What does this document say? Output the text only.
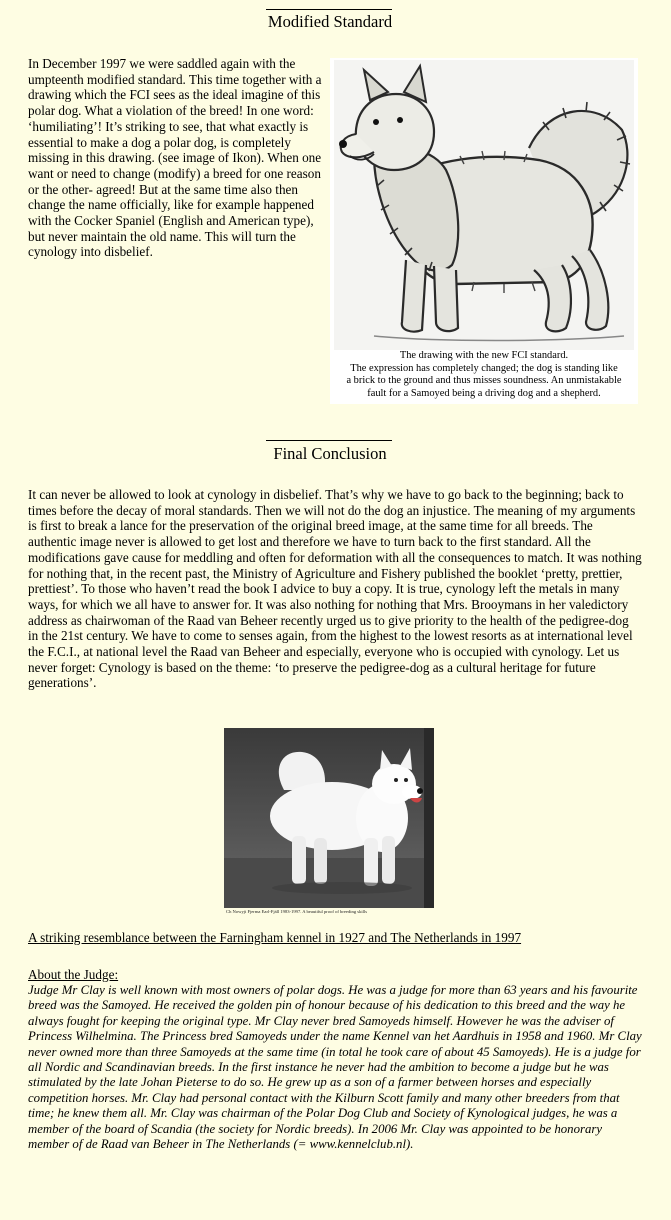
Modified Standard

In December 1997 we were saddled again with the umpteenth modified standard. This time together with a drawing which the FCI sees as the ideal imagine of this polar dog. What a violation of the breed! In one word: ‘humiliating’! It’s striking to see, that what exactly is essential to make a dog a polar dog, is completely missing in this drawing. (see image of Ikon). When one want or need to change (modify) a breed for one reason or the other- agreed! But at the same time also then change the name officially, like for example happened with the Cocker Spaniel (English and American type), but never maintain the old name. This will turn the cynology into disbelief.

The drawing with the new FCI standard.
The expression has completely changed; the dog is standing like
a brick to the ground and thus misses soundness. An unmistakable
fault for a Samoyed being a driving dog and a shepherd.
Final Conclusion

It can never be allowed to look at cynology in disbelief. That’s why we have to go back to the beginning; back to times before the decay of moral standards. Then we will not do the dog an injustice. The meaning of my arguments is first to break a lance for the preservation of the original breed image, at the same time for all breeds. The authentic image never is allowed to get lost and therefore we have to turn back to the first standard. All the modifications gave cause for meddling and often for deformation with all the consequences to match. It was nothing for nothing that, in the recent past, the Ministry of Agriculture and Fishery published the booklet ‘pretty, prettier, prettiest’. To those who haven’t read the book I advice to buy a copy. It is true, cynology left the metals in many ways, for which we all have to answer for. It was also nothing for nothing that Mrs. Brooymans in her valedictory address as chairwoman of the Raad van Beheer recently urged us to give priority to the health of the pedigree-dog in the 21st century. We have to come to senses again, from the highest to the lowest resorts as at international level the F.C.I., at national level the Raad van Beheer and especially, everyone who is occupied with cynology. Let us never forget: Cynology is based on the theme: ‘to preserve the pedigree-dog as a cultural heritage for future generations’.

Ch Nowyji Fjerma Earl-Fjäll 1983-1997. A beautiful proof of breeding skills
A striking resemblance between the Farningham kennel in 1927 and The Netherlands in 1997
About the Judge:

Judge Mr Clay is well known with most owners of polar dogs. He was a judge for more than 63 years and his favourite breed was the Samoyed. He received the golden pin of honour because of his dedication to this breed and the way he always fought for keeping the original type. Mr Clay never bred Samoyeds himself. However he was the adviser of Princess Wilhelmina. The Princess bred Samoyeds under the name Kennel van het Aardhuis in 1958 and 1960. Mr Clay never owned more than three Samoyeds at the same time (in total he took care of about 45 Samoyeds). He is a judge for all Nordic and Scandinavian breeds. In the first instance he never had the ambition to become a judge but he was stimulated by the late Johan Pieterse to do so. He grew up as a son of a farmer between horses and especially competition horses. Mr. Clay had personal contact with the Kilburn Scott family and many other breeders from that time; he knew them all. Mr. Clay was chairman of the Polar Dog Club and Society of Kynological judges, he was a member of the board of Scandia (the society for Nordic breeds). In 2006 Mr. Clay was appointed to be honorary member of de Raad van Beheer in The Netherlands (= www.kennelclub.nl).
